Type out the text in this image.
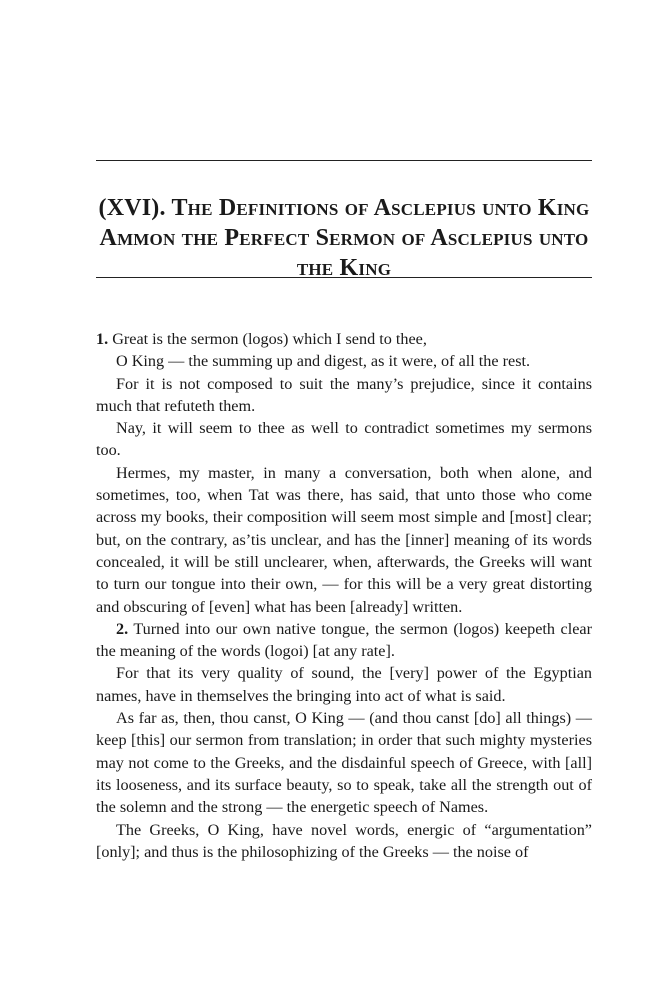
(XVI). The Definitions of Asclepius unto King Ammon the Perfect Sermon of Asclepius unto the King

1. Great is the sermon (logos) which I send to thee,

O King — the summing up and digest, as it were, of all the rest.

For it is not composed to suit the many’s prejudice, since it contains much that refuteth them.

Nay, it will seem to thee as well to contradict sometimes my sermons too.

Hermes, my master, in many a conversation, both when alone, and sometimes, too, when Tat was there, has said, that unto those who come across my books, their composition will seem most simple and [most] clear; but, on the contrary, as’tis unclear, and has the [inner] meaning of its words concealed, it will be still unclearer, when, afterwards, the Greeks will want to turn our tongue into their own, — for this will be a very great distorting and obscuring of [even] what has been [already] written.

2. Turned into our own native tongue, the sermon (logos) keepeth clear the meaning of the words (logoi) [at any rate].

For that its very quality of sound, the [very] power of the Egyptian names, have in themselves the bringing into act of what is said.

As far as, then, thou canst, O King — (and thou canst [do] all things) — keep [this] our sermon from translation; in order that such mighty mysteries may not come to the Greeks, and the disdainful speech of Greece, with [all] its looseness, and its surface beauty, so to speak, take all the strength out of the solemn and the strong — the energetic speech of Names.

The Greeks, O King, have novel words, energic of “argumentation” [only]; and thus is the philosophizing of the Greeks — the noise of
